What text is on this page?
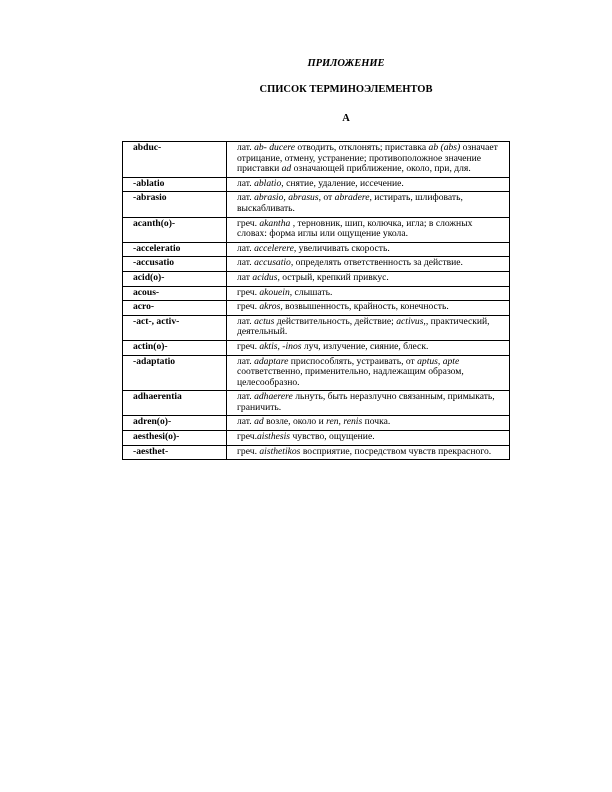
ПРИЛОЖЕНИЕ
СПИСОК ТЕРМИНОЭЛЕМЕНТОВ
А
abduc-	лат. ab- ducere отводить, отклонять; приставка ab (abs) означает отрицание, отмену, устранение; противоположное значение приставки ad означающей приближение, около, при, для.
-ablatio	лат. ablatio, снятие, удаление, иссечение.
-abrasio	лат. abrasio, abrasus, от abradere, истирать, шлифовать, выскабливать.
acanth(o)-	греч. akantha , терновник, шип, колючка, игла; в сложных словах: форма иглы или ощущение укола.
-acceleratio	лат. accelerere, увеличивать скорость.
-accusatio	лат. accusatio, определять ответственность за действие.
acid(o)-	лат acidus, острый, крепкий привкус.
acous-	греч. akouein, слышать.
acro-	греч. akros, возвышенность, крайность, конечность.
-act-, activ-	лат. actus действительность, действие; activus,, практический, деятельный.
actin(o)-	греч. aktis, -inos луч, излучение, сияние, блеск.
-adaptatio	лат. adaptare приспособлять, устраивать, от aptus, apte соответственно, применительно, надлежащим образом, целесообразно.
adhaerentia	лат. adhaerere льнуть, быть неразлучно связанным, примыкать, граничить.
adren(o)-	лат. ad возле, около и ren, renis почка.
aesthesi(o)-	греч.aisthesis чувство, ощущение.
-aesthet-	греч. aisthetikos восприятие, посредством чувств прекрасного.
